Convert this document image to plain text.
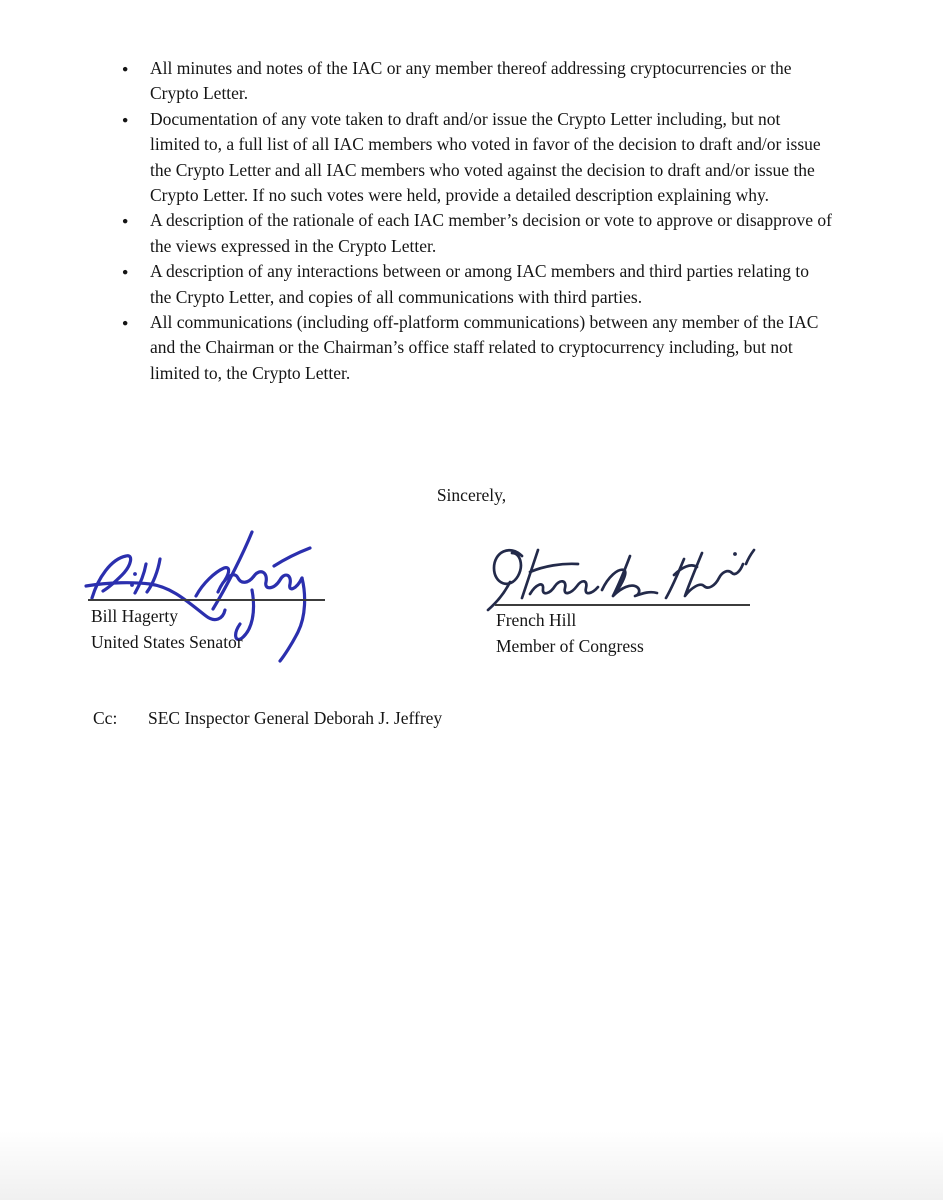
● All minutes and notes of the IAC or any member thereof addressing cryptocurrencies or the Crypto Letter.
● Documentation of any vote taken to draft and/or issue the Crypto Letter including, but not limited to, a full list of all IAC members who voted in favor of the decision to draft and/or issue the Crypto Letter and all IAC members who voted against the decision to draft and/or issue the Crypto Letter. If no such votes were held, provide a detailed description explaining why.
● A description of the rationale of each IAC member’s decision or vote to approve or disapprove of the views expressed in the Crypto Letter.
● A description of any interactions between or among IAC members and third parties relating to the Crypto Letter, and copies of all communications with third parties.
● All communications (including off-platform communications) between any member of the IAC and the Chairman or the Chairman’s office staff related to cryptocurrency including, but not limited to, the Crypto Letter.
Sincerely,
Bill Hagerty
United States Senator
French Hill
Member of Congress
Cc:	SEC Inspector General Deborah J. Jeffrey
